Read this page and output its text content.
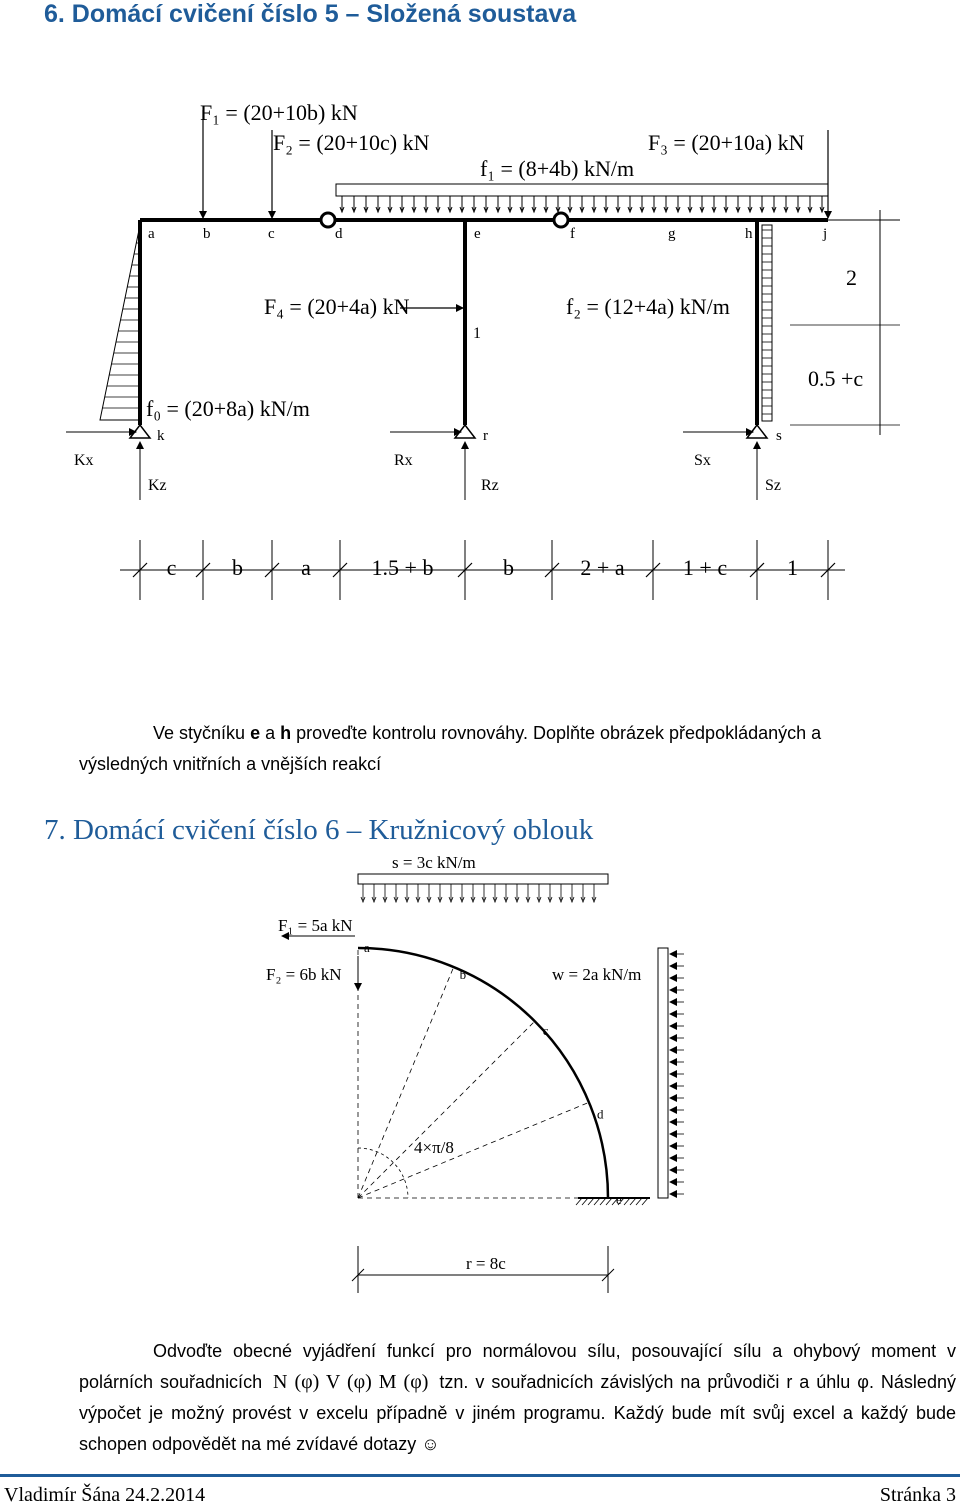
6. Domácí cvičení číslo 5 – Složená soustava
F₁ = (20+10b) kN
F₂ = (20+10c) kN	F₃ = (20+10a) kN
f₁ = (8+4b) kN/m
F₄ = (20+4a) kN	f₂ = (12+4a) kN/m
f₀ = (20+8a) kN/m
1
2
0.5 +c
a	b	c	d	e	f	g	h	j
k	r	s
Kx
Kz
Rx
Rz
Sx
Sz
c	b	a	1.5 + b	b	2 + a	1 + c	1

Ve styčníku e a h proveďte kontrolu rovnováhy. Doplňte obrázek předpokládaných a
výsledných vnitřních a vnějších reakcí

7. Domácí cvičení číslo 6 – Kružnicový oblouk
s = 3c kN/m
F₁ = 5a kN
F₂ = 6b kN	w = 2a kN/m
4×π/8
a
b
c
d
e
r = 8c

Odvoďte obecné vyjádření funkcí pro normálovou sílu, posouvající sílu a ohybový moment v polárních souřadnicích N (φ) V (φ) M (φ) tzn. v souřadnicích závislých na průvodiči r a úhlu φ. Následný výpočet je možný provést v excelu případně v jiném programu. Každý bude mít svůj excel a každý bude schopen odpovědět na mé zvídavé dotazy ☺

Vladimír Šána 24.2.2014	Stránka 3
